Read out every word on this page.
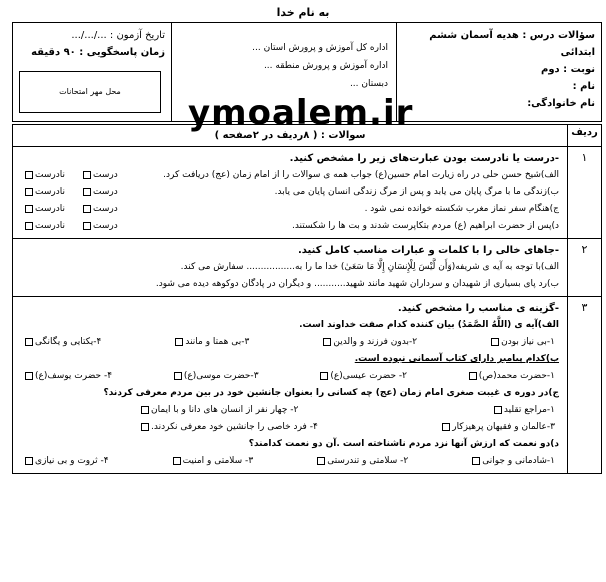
به نام خدا
سؤالات درس : هدیه آسمان ششم ابتدائی
نوبت : دوم
نام :
نام خانوادگی:
اداره کل آموزش و پرورش استان ...
اداره آموزش و پرورش منطقه ...
دبستان ...
تاریخ آزمون : .../.../...
زمان پاسخگویی : ۹۰ دقیقه
محل مهر امتحانات
ymoalem.ir	ردیف
سوالات : ( ۸ردیف در ۲صفحه )
۱
-درست یا نادرست بودن عبارت‌های زیر را مشخص کنید.
الف)شیخ حسن حلی در راه زیارت امام حسین(ع) جواب همه ی سوالات را از امام زمان (عج) دریافت کرد.
درست
نادرست
ب)زندگی ما با مرگ پایان می یابد و پس از مرگ زندگی انسان پایان می یابد.
درست
نادرست
ج)هنگام سفر نماز مغرب شکسته خوانده نمی شود .
درست
نادرست
د)پس از حضرت ابراهیم (ع) مردم بتکاپرست شدند و بت ها را شکستند.
درست
نادرست
۲
-جاهای خالی را با کلمات و عبارات مناسب کامل کنید.
الف)با توجه به آیه ی شریفه(وَأَن لَّيْسَ لِلْإِنسَانِ إِلَّا مَا سَعَىٰ) خدا ما را به................. سفارش می کند.
ب)رد پای بسیاری از شهیدان و سرداران شهید مانند شهید........... و دیگران در پادگان دوکوهه دیده می شود.
۳
-گزینه ی مناسب را مشخص کنید.
الف)آیه ی (اللَّهُ الصَّمَدُ) بیان کننده کدام صفت خداوند است.
۱-بی نیاز بودن
۲-بدون فرزند و والدین
۳-بی همتا و مانند
۴-یکتایی و یگانگی
ب)کدام پیامبر دارای کتاب آسمانی نبوده است.
۱-حضرت محمد(ص)
۲- حضرت عیسی(ع)
۳-حضرت موسی(ع)
۴- حضرت یوسف(ع)
ج)در دوره ی غیبت صغری امام زمان (عج) چه کسانی را بعنوان جانشین خود در بین مردم معرفی کردند؟
۱-مراجع تقلید
۲- چهار نفر از انسان های دانا و با ایمان
۳-عالمان و فقیهان پرهیزکار
۴- فرد خاصی را جانشین خود معرفی نکردند.
د)دو نعمت که ارزش آنها نزد مردم ناشناخته است .آن دو نعمت کدامند؟
۱-شادمانی و جوانی
۲- سلامتی و تندرستی
۳- سلامتی و امنیت
۴- ثروت و بی نیازی
